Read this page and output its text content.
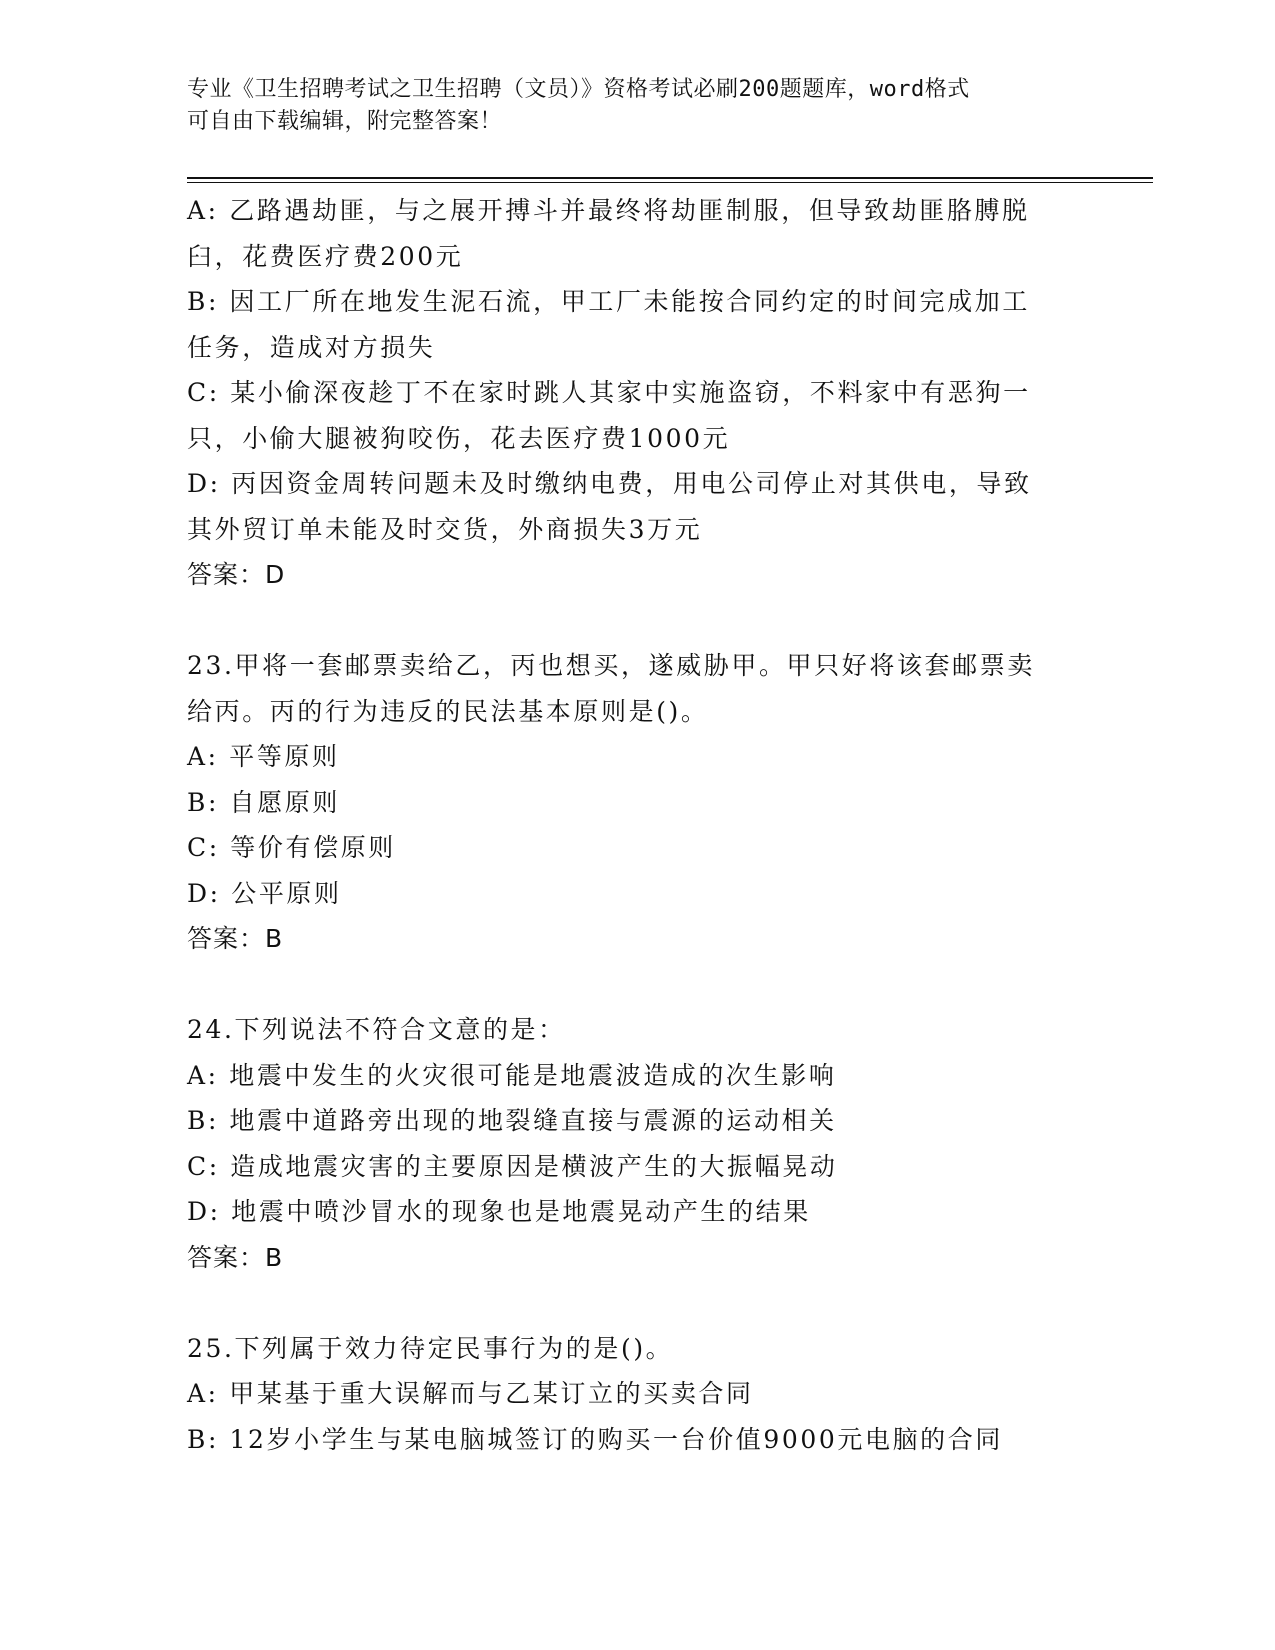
专业《卫生招聘考试之卫生招聘（文员）》资格考试必刷200题题库，word格式
可自由下载编辑，附完整答案！
A: 乙路遇劫匪，与之展开搏斗并最终将劫匪制服，但导致劫匪胳膊脱
臼，花费医疗费200元
B: 因工厂所在地发生泥石流，甲工厂未能按合同约定的时间完成加工
任务，造成对方损失
C: 某小偷深夜趁丁不在家时跳人其家中实施盗窃，不料家中有恶狗一
只，小偷大腿被狗咬伤，花去医疗费1000元
D: 丙因资金周转问题未及时缴纳电费，用电公司停止对其供电，导致
其外贸订单未能及时交货，外商损失3万元
答案：D
23.甲将一套邮票卖给乙，丙也想买，遂威胁甲。甲只好将该套邮票卖
给丙。丙的行为违反的民法基本原则是()。
A: 平等原则
B: 自愿原则
C: 等价有偿原则
D: 公平原则
答案：B
24.下列说法不符合文意的是：
A: 地震中发生的火灾很可能是地震波造成的次生影响
B: 地震中道路旁出现的地裂缝直接与震源的运动相关
C: 造成地震灾害的主要原因是横波产生的大振幅晃动
D: 地震中喷沙冒水的现象也是地震晃动产生的结果
答案：B
25.下列属于效力待定民事行为的是()。
A: 甲某基于重大误解而与乙某订立的买卖合同
B: 12岁小学生与某电脑城签订的购买一台价值9000元电脑的合同
